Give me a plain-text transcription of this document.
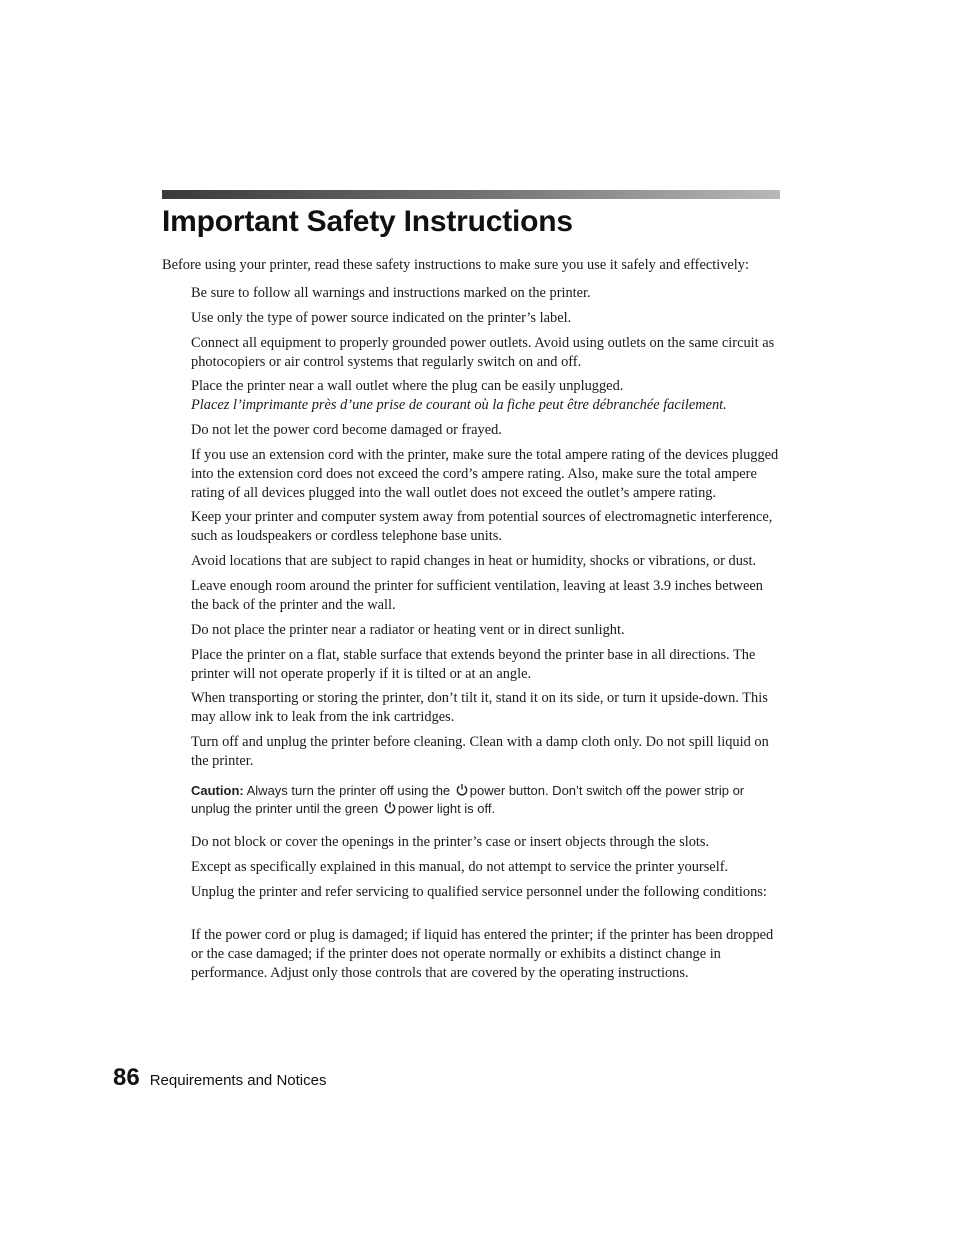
Important Safety Instructions
Before using your printer, read these safety instructions to make sure you use it safely and effectively:

Be sure to follow all warnings and instructions marked on the printer.

Use only the type of power source indicated on the printer’s label.

Connect all equipment to properly grounded power outlets. Avoid using outlets on the same circuit as photocopiers or air control systems that regularly switch on and off.

Place the printer near a wall outlet where the plug can be easily unplugged.
Placez l’imprimante près d’une prise de courant où la fiche peut être débranchée facilement.

Do not let the power cord become damaged or frayed.

If you use an extension cord with the printer, make sure the total ampere rating of the devices plugged into the extension cord does not exceed the cord’s ampere rating. Also, make sure the total ampere rating of all devices plugged into the wall outlet does not exceed the outlet’s ampere rating.

Keep your printer and computer system away from potential sources of electromagnetic interference, such as loudspeakers or cordless telephone base units.

Avoid locations that are subject to rapid changes in heat or humidity, shocks or vibrations, or dust.

Leave enough room around the printer for sufficient ventilation, leaving at least 3.9 inches between the back of the printer and the wall.

Do not place the printer near a radiator or heating vent or in direct sunlight.

Place the printer on a flat, stable surface that extends beyond the printer base in all directions. The printer will not operate properly if it is tilted or at an angle.

When transporting or storing the printer, don’t tilt it, stand it on its side, or turn it upside-down. This may allow ink to leak from the ink cartridges.

Turn off and unplug the printer before cleaning. Clean with a damp cloth only. Do not spill liquid on the printer.

Caution: Always turn the printer off using the power button. Don’t switch off the power strip or unplug the printer until the green power light is off.

Do not block or cover the openings in the printer’s case or insert objects through the slots.

Except as specifically explained in this manual, do not attempt to service the printer yourself.

Unplug the printer and refer servicing to qualified service personnel under the following conditions:

If the power cord or plug is damaged; if liquid has entered the printer; if the printer has been dropped or the case damaged; if the printer does not operate normally or exhibits a distinct change in performance. Adjust only those controls that are covered by the operating instructions.

86 Requirements and Notices
